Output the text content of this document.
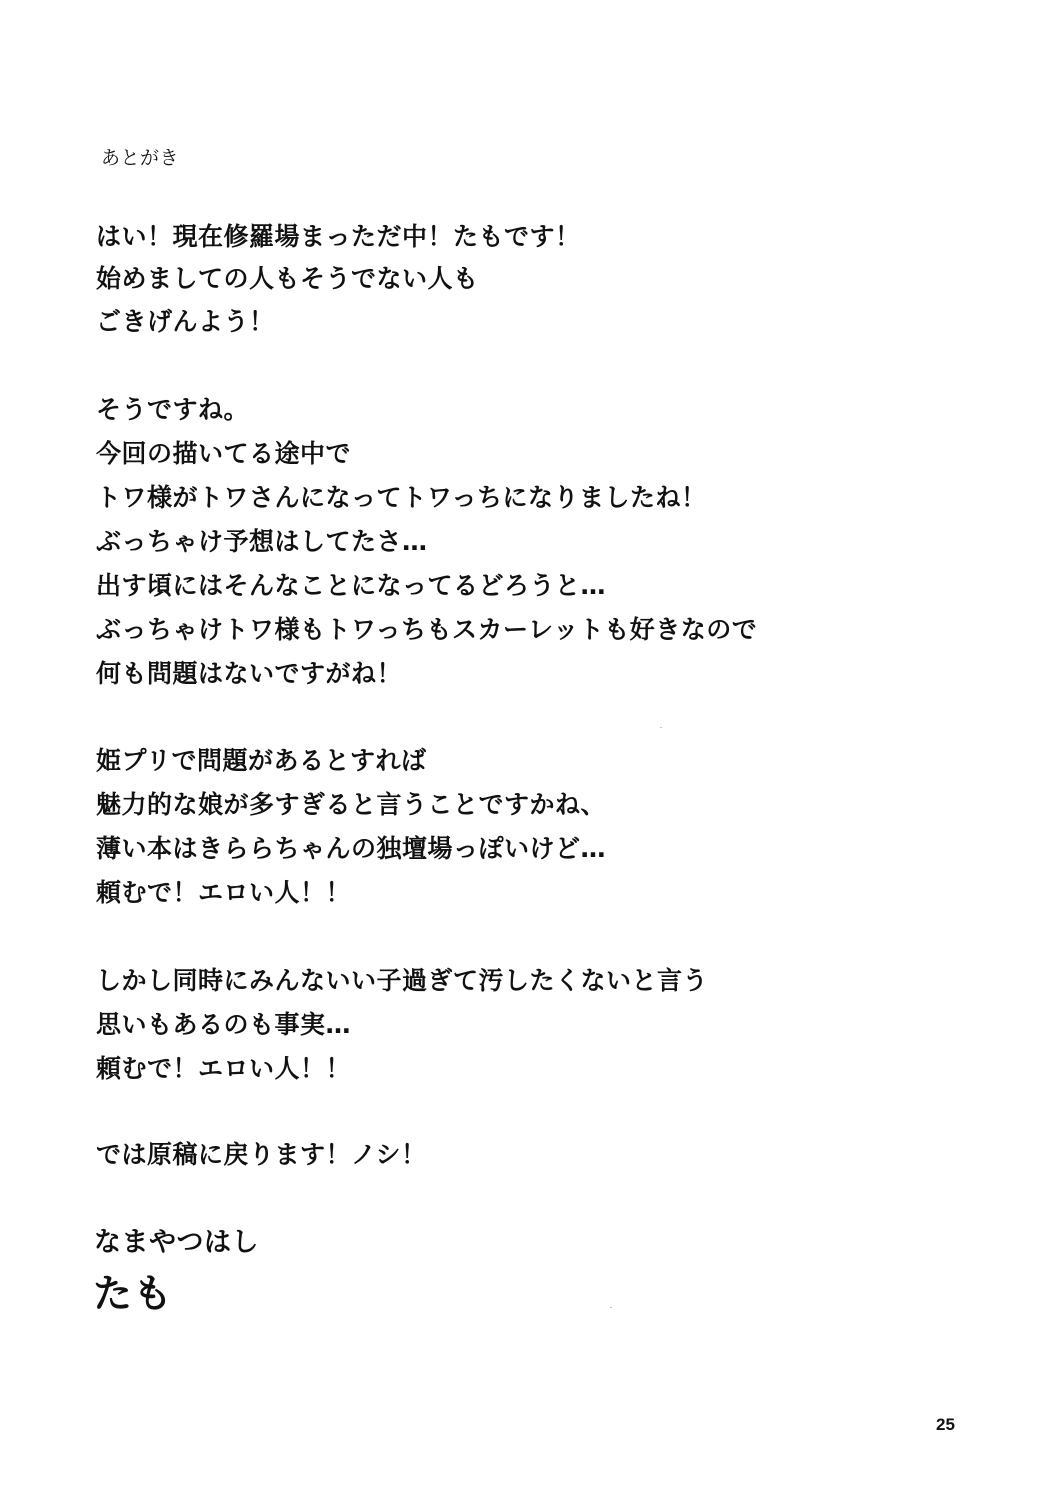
あとがき
はい！現在修羅場まっただ中！たもです！
始めましての人もそうでない人も
ごきげんよう！
そうですね。
今回の描いてる途中で
トワ様がトワさんになってトワっちになりましたね！
ぶっちゃけ予想はしてたさ…
出す頃にはそんなことになってるどろうと…
ぶっちゃけトワ様もトワっちもスカーレットも好きなので
何も問題はないですがね！
姫プリで問題があるとすれば
魅力的な娘が多すぎると言うことですかね、
薄い本はきららちゃんの独壇場っぽいけど…
頼むで！エロい人！！
しかし同時にみんないい子過ぎて汚したくないと言う
思いもあるのも事実…
頼むで！エロい人！！
では原稿に戻ります！ノシ！
なまやつはし
たも
25
